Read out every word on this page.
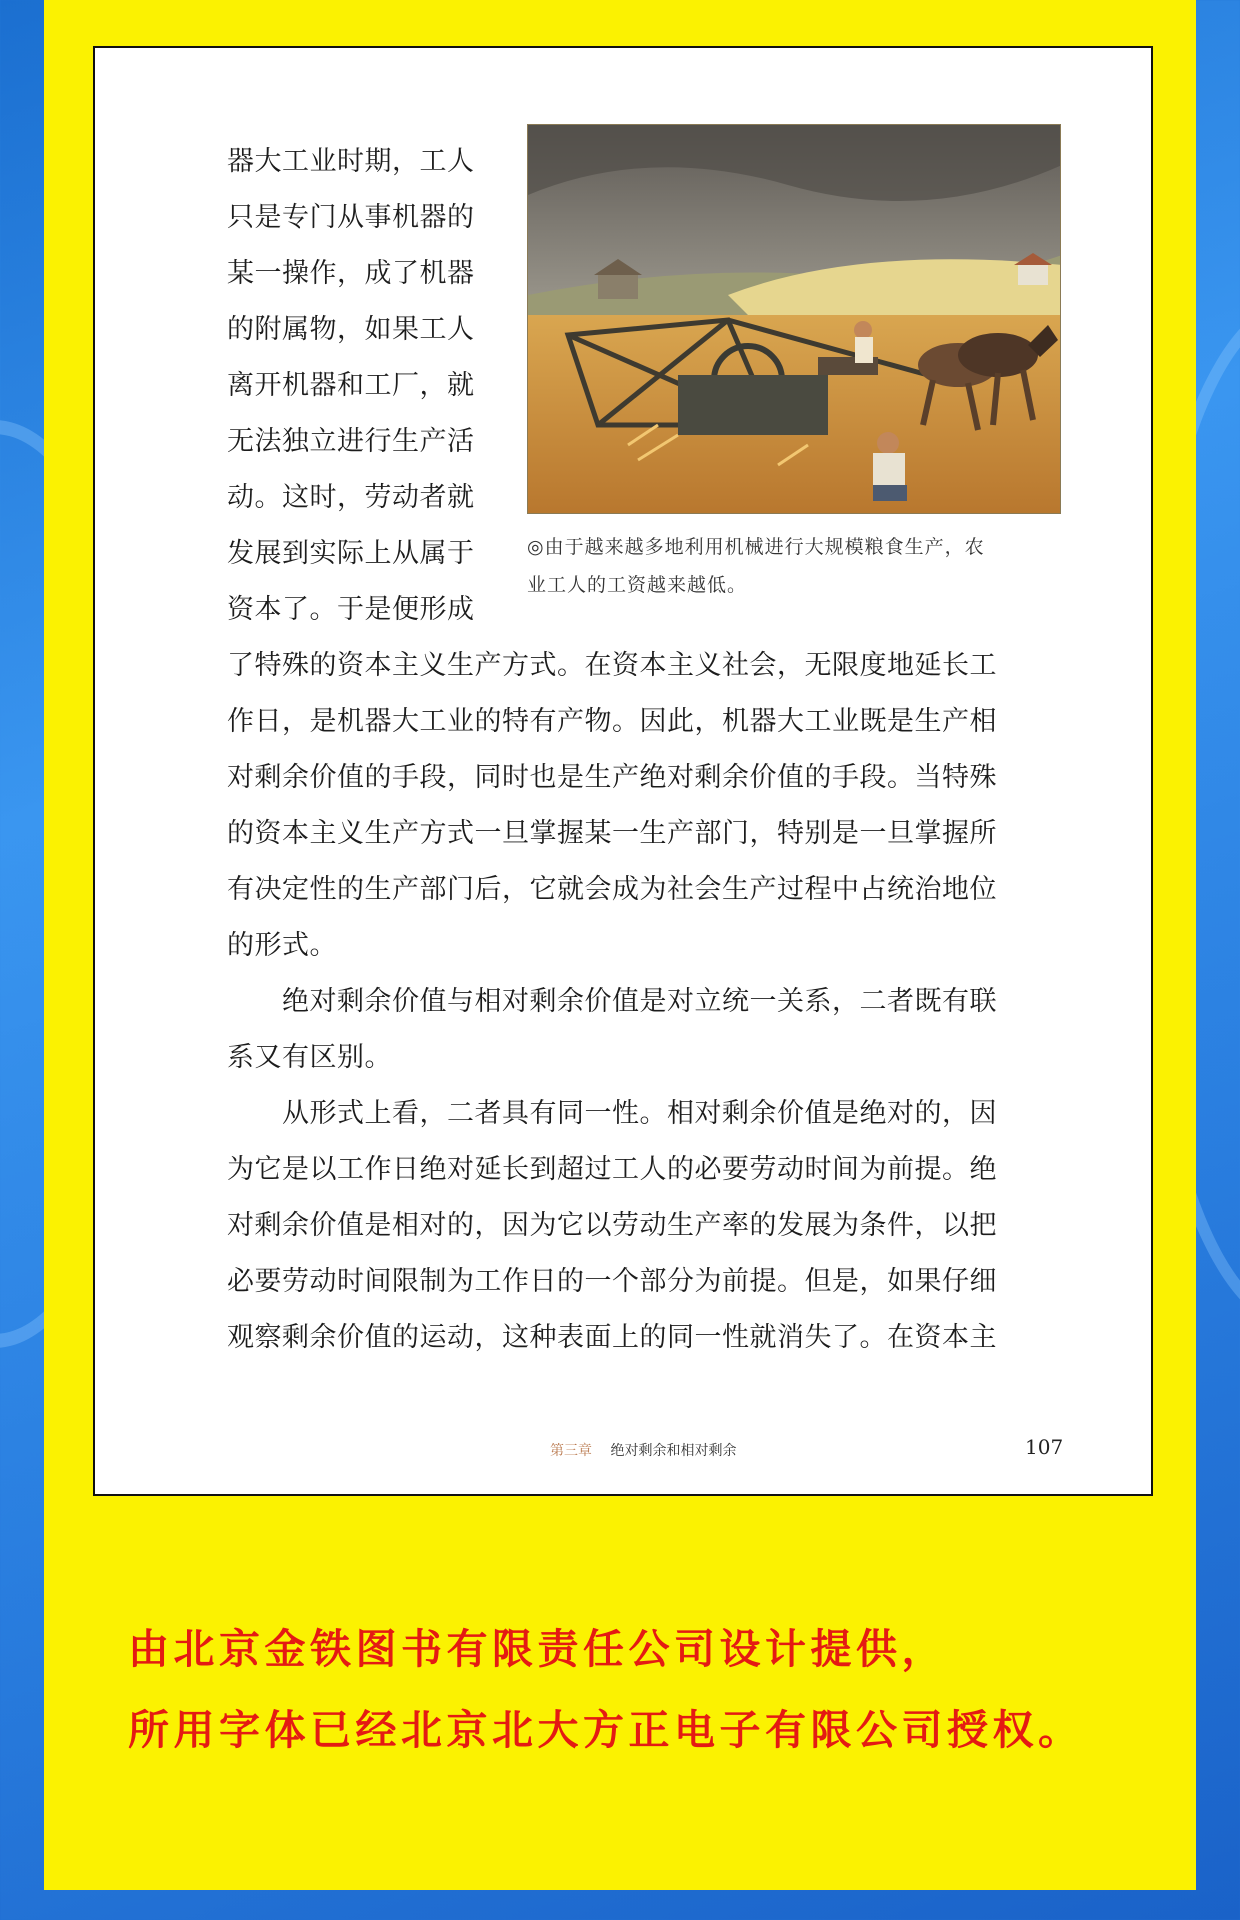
器大工业时期，工人
只是专门从事机器的
某一操作，成了机器
的附属物，如果工人
离开机器和工厂，就
无法独立进行生产活
动。这时，劳动者就
发展到实际上从属于
资本了。于是便形成
◎由于越来越多地利用机械进行大规模粮食生产，农
业工人的工资越来越低。
了特殊的资本主义生产方式。在资本主义社会，无限度地延长工
作日，是机器大工业的特有产物。因此，机器大工业既是生产相
对剩余价值的手段，同时也是生产绝对剩余价值的手段。当特殊
的资本主义生产方式一旦掌握某一生产部门，特别是一旦掌握所
有决定性的生产部门后，它就会成为社会生产过程中占统治地位
的形式。
　　绝对剩余价值与相对剩余价值是对立统一关系，二者既有联
系又有区别。
　　从形式上看，二者具有同一性。相对剩余价值是绝对的，因
为它是以工作日绝对延长到超过工人的必要劳动时间为前提。绝
对剩余价值是相对的，因为它以劳动生产率的发展为条件，以把
必要劳动时间限制为工作日的一个部分为前提。但是，如果仔细
观察剩余价值的运动，这种表面上的同一性就消失了。在资本主
第三章 绝对剩余和相对剩余	107
由北京金铁图书有限责任公司设计提供，
所用字体已经北京北大方正电子有限公司授权。
